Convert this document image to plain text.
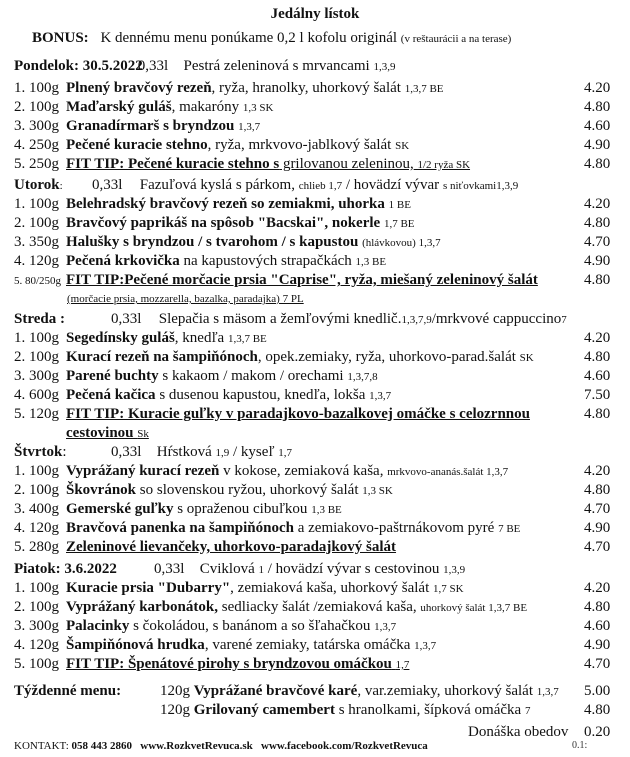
Jedálny lístok
BONUS: K dennému menu ponúkame 0,2 l kofolu originál (v reštaurácii a na terase)
Pondelok: 30.5.2022 0,33l Pestrá zeleninová s mrvancami 1,3,9
1. 100g Plnený bravčový rezeň, ryža, hranolky, uhorkový šalát 1,3,7 BE	4.20
2. 100g Maďarský guláš, makaróny 1,3 SK	4.80
3. 300g Granadírmarš s bryndzou 1,3,7	4.60
4. 250g Pečené kuracie stehno, ryža, mrkvovo-jablkový šalát SK	4.90
5. 250g FIT TIP: Pečené kuracie stehno s grilovanou zeleninou, 1/2 ryža SK	4.80
Utorok: 0,33l Fazuľová kyslá s párkom, chlieb 1,7 / hovädzí vývar s niťovkami1,3,9
1. 100g Belehradský bravčový rezeň so zemiakmi, uhorka 1 BE	4.20
2. 100g Bravčový paprikáš na spôsob "Bacskai", nokerle 1,7 BE	4.80
3. 350g Halušky s bryndzou / s tvarohom / s kapustou (hlávkovou) 1,3,7	4.70
4. 120g Pečená krkovička na kapustových strapačkách 1,3 BE	4.90
5. 80/250g FIT TIP:Pečené morčacie prsia "Caprise", ryža, miešaný zeleninový šalát	4.80
(morčacie prsia, mozzarella, bazalka, paradajka) 7 PL
Streda :	0,33l Slepačia s mäsom a žemľovými knedlič.1,3,7,9/mrkvové cappuccino7
1. 100g Segedínsky guláš, knedľa 1,3,7 BE	4.20
2. 100g Kurací rezeň na šampiňónoch, opek.zemiaky, ryža, uhorkovo-parad.šalát SK	4.80
3. 300g Parené buchty s kakaom / makom / orechami 1,3,7,8	4.60
4. 600g Pečená kačica s dusenou kapustou, knedľa, lokša 1,3,7	7.50
5. 120g FIT TIP: Kuracie guľky v paradajkovo-bazalkovej omáčke s celozrnnou	4.80
cestovinou Sk
Štvrtok:	0,33l Hŕstková 1,9 / kyseľ 1,7
1. 100g Vyprážaný kurací rezeň v kokose, zemiaková kaša, mrkvovo-ananás.šalát 1,3,7	4.20
2. 100g Škovránok so slovenskou ryžou, uhorkový šalát 1,3 SK	4.80
3. 400g Gemerské guľky s opraženou cibuľkou 1,3 BE	4.70
4. 120g Bravčová panenka na šampiňónoch a zemiakovo-paštrnákovom pyré 7 BE	4.90
5. 280g Zeleninové lievančeky, uhorkovo-paradajkový šalát	4.70
Piatok: 3.6.2022 0,33l Cviklová 1 / hovädzí vývar s cestovinou 1,3,9
1. 100g Kuracie prsia "Dubarry", zemiaková kaša, uhorkový šalát 1,7 SK	4.20
2. 100g Vyprážaný karbonátok, sedliacky šalát /zemiaková kaša, uhorkový šalát 1,3,7 BE	4.80
3. 300g Palacinky s čokoládou, s banánom a so šľahačkou 1,3,7	4.60
4. 120g Šampiňónová hrudka, varené zemiaky, tatárska omáčka 1,3,7	4.90
5. 100g FIT TIP: Špenátové pirohy s bryndzovou omáčkou 1,7	4.70
Týždenné menu:	120g Vyprážané bravčové karé, var.zemiaky, uhorkový šalát 1,3,7 5.00
120g Grilovaný camembert s hranolkami, šípková omáčka 7	4.80
Donáška obedov 0.20
KONTAKT: 058 443 2860 www.RozkvetRevuca.sk www.facebook.com/RozkvetRevuca	0.1:
